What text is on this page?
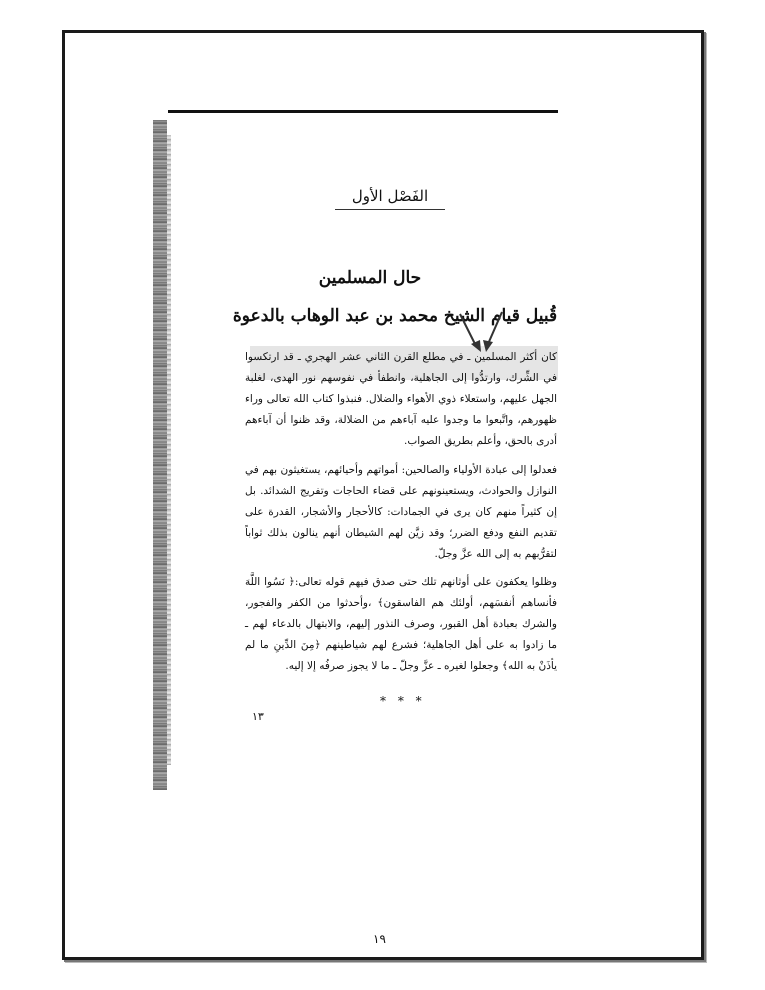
الفَصْل الأول
حال المسلمين
قُبيل قيام الشيخ محمد بن عبد الوهاب بالدعوة
كان أكثر المسلمين ـ في مطلع القرن الثاني عشر الهجري ـ قد ارتكسوا في الشِّرك، وارتدُّوا إلى الجاهلية، وانطفأ في نفوسهم نور الهدى، لغلبة الجهل عليهم، واستعلاء ذوي الأهواء والضلال. فنبذوا كتاب الله تعالى وراء ظهورهم، واتَّبعوا ما وجدوا عليه آباءهم من الضلالة، وقد ظنوا أن آباءهم أدرى بالحق، وأعلم بطريق الصواب.
فعدلوا إلى عبادة الأولياء والصالحين: أمواتهم وأحيائهم، يستغيثون بهم في النوازل والحوادث، ويستعينونهم على قضاء الحاجات وتفريج الشدائد. بل إن كثيراً منهم كان يرى في الجمادات: كالأحجار والأشجار، القدرة على تقديم النفع ودفع الضرر؛ وقد زيَّن لهم الشيطان أنهم ينالون بذلك ثواباً لتقرُّبهم به إلى الله عزَّ وجلّ.
وظلوا يعكفون على أوثانهم تلك حتى صدق فيهم قوله تعالى:﴿ نَسُوا اللَّهَ فأنساهم أنفسَهم، أولئك هم الفاسقون﴾ ،وأحدثوا من الكفر والفجور، والشرك بعبادة أهل القبور، وصرف النذور إليهم، والابتهال بالدعاء لهم ـ ما زادوا به على أهل الجاهلية؛ فشرع لهم شياطينهم ﴿مِنَ الدِّينِ ما لم يأذَنْ به الله﴾ وجعلوا لغيره ـ عزَّ وجلّ ـ ما لا يجوز صرفُه إلا إليه.
* * *
١٣
١٩
